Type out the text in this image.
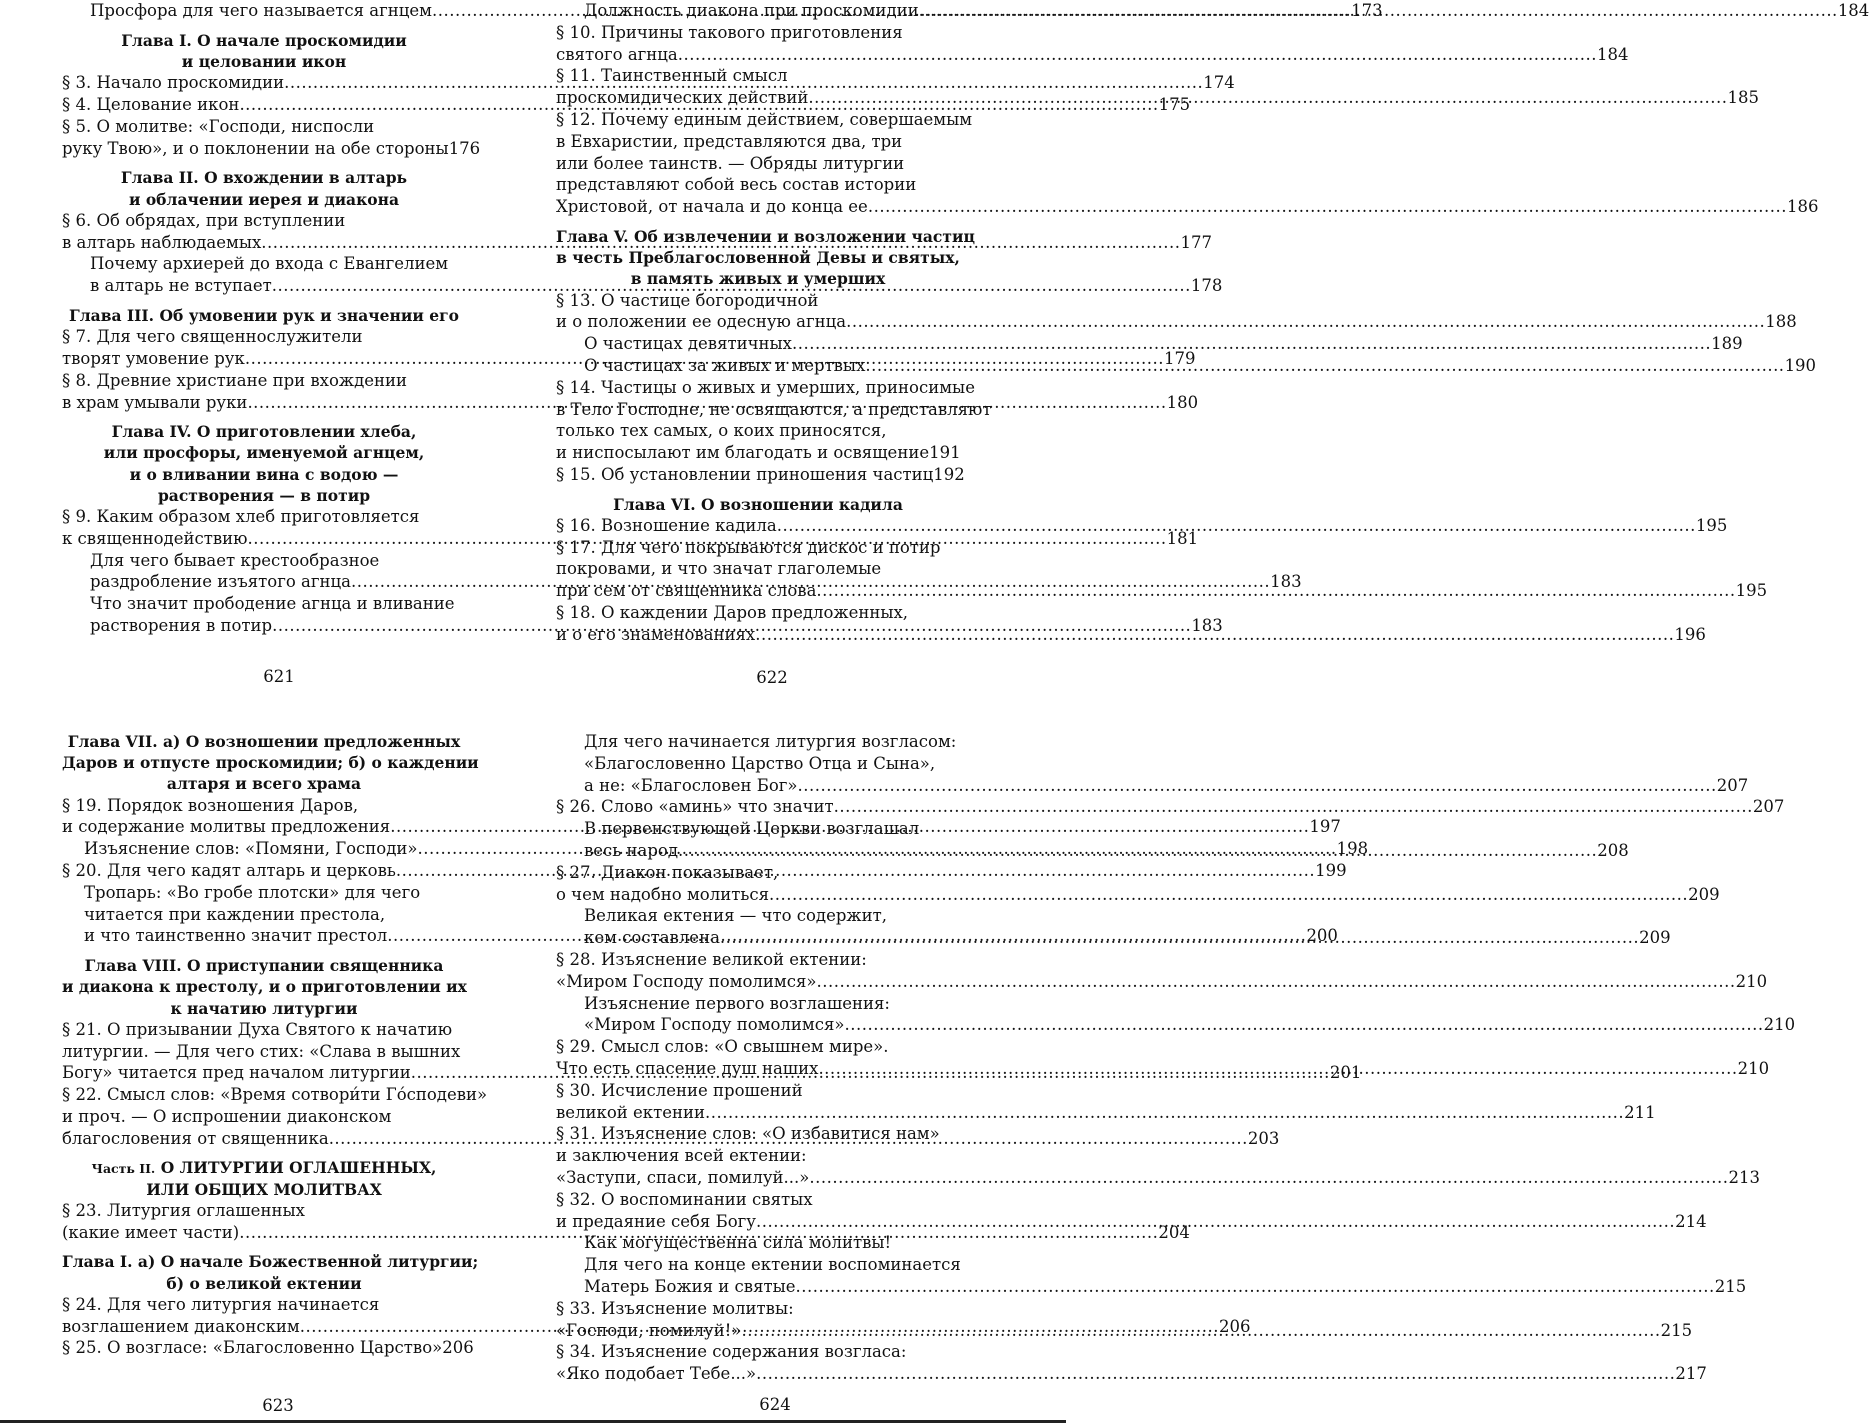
Просфора для чего называется агнцем .....	173
Глава I. О начале проскомидии
и целовании икон
§ 3. Начало проскомидии .....	174
§ 4. Целование икон .....	175
§ 5. О молитве: «Господи, ниспосли
руку Твою», и о поклонении на обе стороны 176
Глава II. О вхождении в алтарь
и облачении иерея и диакона
§ 6. Об обрядах, при вступлении
в алтарь наблюдаемых .....	177
Почему архиерей до входа с Евангелием
в алтарь не вступает .....	178
Глава III. Об умовении рук и значении его
§ 7. Для чего священнослужители
творят умовение рук .....	179
§ 8. Древние христиане при вхождении
в храм умывали руки .....	180
Глава IV. О приготовлении хлеба,
или просфоры, именуемой агнцем,
и о вливании вина с водою —
растворения — в потир
§ 9. Каким образом хлеб приготовляется
к священнодействию .....	181
Для чего бывает крестообразное
раздробление изъятого агнца .....	183
Что значит прободение агнца и вливание
растворения в потир .....	183
621
Должность диакона при проскомидии .....	184
§ 10. Причины такового приготовления
святого агнца .....	184
§ 11. Таинственный смысл
проскомидических действий .....	185
§ 12. Почему единым действием, совершаемым
в Евхаристии, представляются два, три
или более таинств. — Обряды литургии
представляют собой весь состав истории
Христовой, от начала и до конца ее .....	186
Глава V. Об извлечении и возложении частиц
в честь Преблагословенной Девы и святых,
в память живых и умерших
§ 13. О частице богородичной
и о положении ее одесную агнца .....	188
О частицах девятичных .....	189
О частицах за живых и мертвых .....	190
§ 14. Частицы о живых и умерших, приносимые
в Тело Господне, не освящаются, а представляют
только тех самых, о коих приносятся,
и ниспосылают им благодать и освящение 191
§ 15. Об установлении приношения частиц 192
Глава VI. О возношении кадила
§ 16. Возношение кадила .....	195
§ 17. Для чего покрываются дискос и потир
покровами, и что значат глаголемые
при сем от священника слова .....	195
§ 18. О каждении Даров предложенных,
и о его знаменованиях .....	196
622
Глава VII. а) О возношении предложенных
Даров и отпусте проскомидии; б) о каждении
алтаря и всего храма
§ 19. Порядок возношения Даров,
и содержание молитвы предложения .....	197
Изъяснение слов: «Помяни, Господи» .....	198
§ 20. Для чего кадят алтарь и церковь .....	199
Тропарь: «Во гробе плотски» для чего
читается при каждении престола,
и что таинственно значит престол .....	200
Глава VIII. О приступании священника
и диакона к престолу, и о приготовлении их
к начатию литургии
§ 21. О призывании Духа Святого к начатию
литургии. — Для чего стих: «Слава в вышних
Богу» читается пред началом литургии .....	201
§ 22. Смысл слов: «Время сотвори́ти Го́сподеви»
и проч. — О испрошении диаконском
благословения от священника .....	203
Часть II. О ЛИТУРГИИ ОГЛАШЕННЫХ,
ИЛИ ОБЩИХ МОЛИТВАХ
§ 23. Литургия оглашенных
(какие имеет части) .....	204
Глава I. а) О начале Божественной литургии;
б) о великой ектении
§ 24. Для чего литургия начинается
возглашением диаконским .....	206
§ 25. О возгласе: «Благословенно Царство» 206
623
Для чего начинается литургия возгласом:
«Благословенно Царство Отца и Сына»,
а не: «Благословен Бог» .....	207
§ 26. Слово «аминь» что значит .....	207
В первенствующей Церкви возглашал
весь народ .....	208
§ 27. Диакон показывает,
о чем надобно молиться .....	209
Великая ектения — что содержит,
кем составлена .....	209
§ 28. Изъяснение великой ектении:
«Миром Господу помолимся» .....	210
Изъяснение первого возглашения:
«Миром Господу помолимся» .....	210
§ 29. Смысл слов: «О свышнем мире».
Что есть спасение душ наших .....	210
§ 30. Исчисление прошений
великой ектении .....	211
§ 31. Изъяснение слов: «О избавитися нам»
и заключения всей ектении:
«Заступи, спаси, помилуй...» .....	213
§ 32. О воспоминании святых
и предаяние себя Богу .....	214
Как могущественна сила молитвы!
Для чего на конце ектении воспоминается
Матерь Божия и святые .....	215
§ 33. Изъяснение молитвы:
«Господи, помилуй!» .....	215
§ 34. Изъяснение содержания возгласа:
«Яко подобает Тебе...» .....	217
624
